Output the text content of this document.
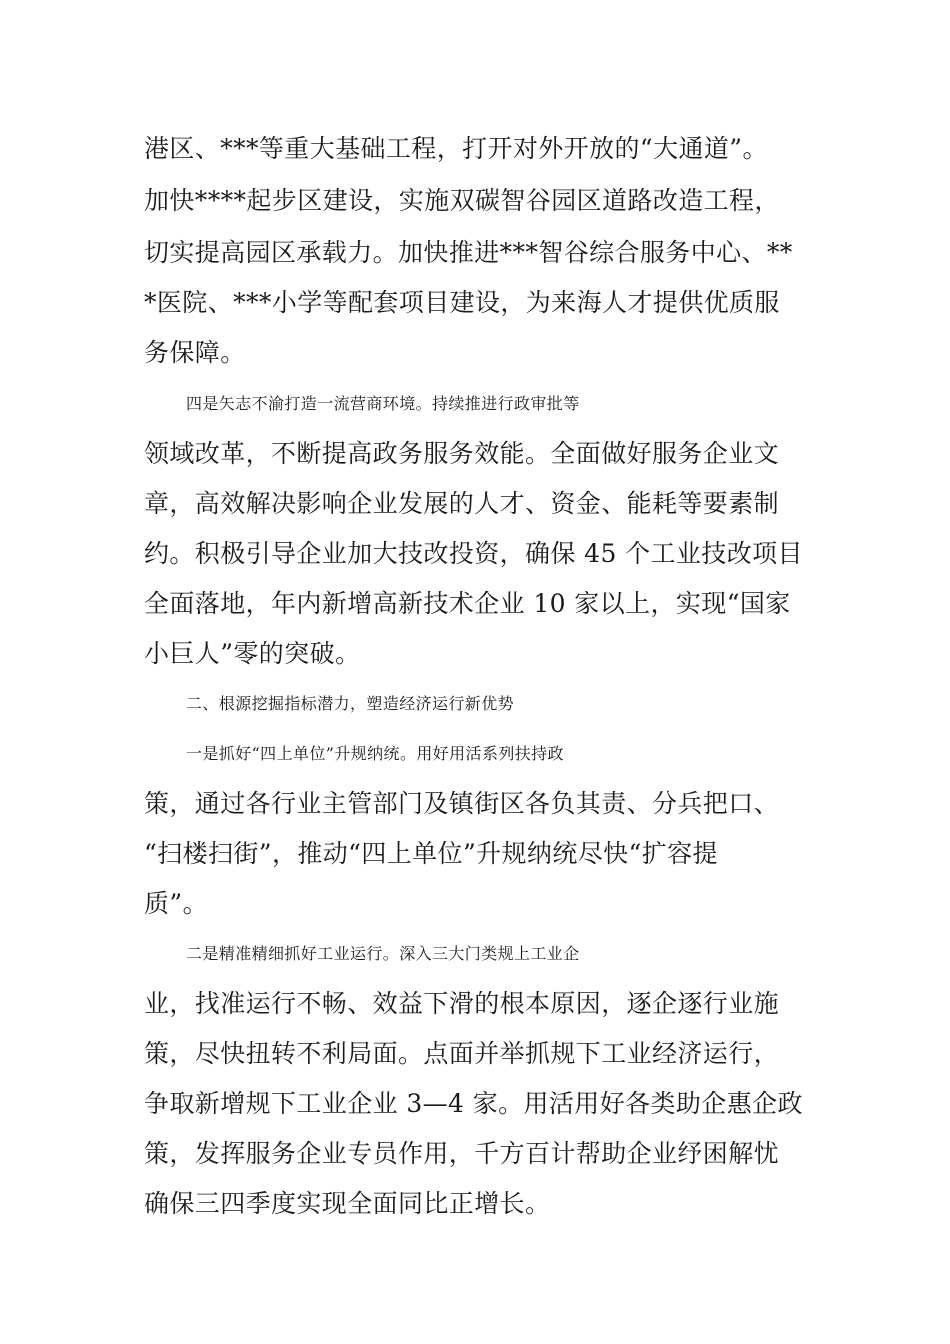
港区、***等重大基础工程，打开对外开放的“大通道”。
加快****起步区建设，实施双碳智谷园区道路改造工程，
切实提高园区承载力。加快推进***智谷综合服务中心、**
*医院、***小学等配套项目建设，为来海人才提供优质服
务保障。
四是矢志不渝打造一流营商环境。持续推进行政审批等
领域改革，不断提高政务服务效能。全面做好服务企业文
章，高效解决影响企业发展的人才、资金、能耗等要素制
约。积极引导企业加大技改投资，确保 45 个工业技改项目
全面落地，年内新增高新技术企业 10 家以上，实现“国家
小巨人”零的突破。
二、根源挖掘指标潜力，塑造经济运行新优势
一是抓好“四上单位”升规纳统。用好用活系列扶持政
策，通过各行业主管部门及镇街区各负其责、分兵把口、
“扫楼扫街”，推动“四上单位”升规纳统尽快“扩容提
质”。
二是精准精细抓好工业运行。深入三大门类规上工业企
业，找准运行不畅、效益下滑的根本原因，逐企逐行业施
策，尽快扭转不利局面。点面并举抓规下工业经济运行，
争取新增规下工业企业 3—4 家。用活用好各类助企惠企政
策，发挥服务企业专员作用，千方百计帮助企业纾困解忧
确保三四季度实现全面同比正增长。
